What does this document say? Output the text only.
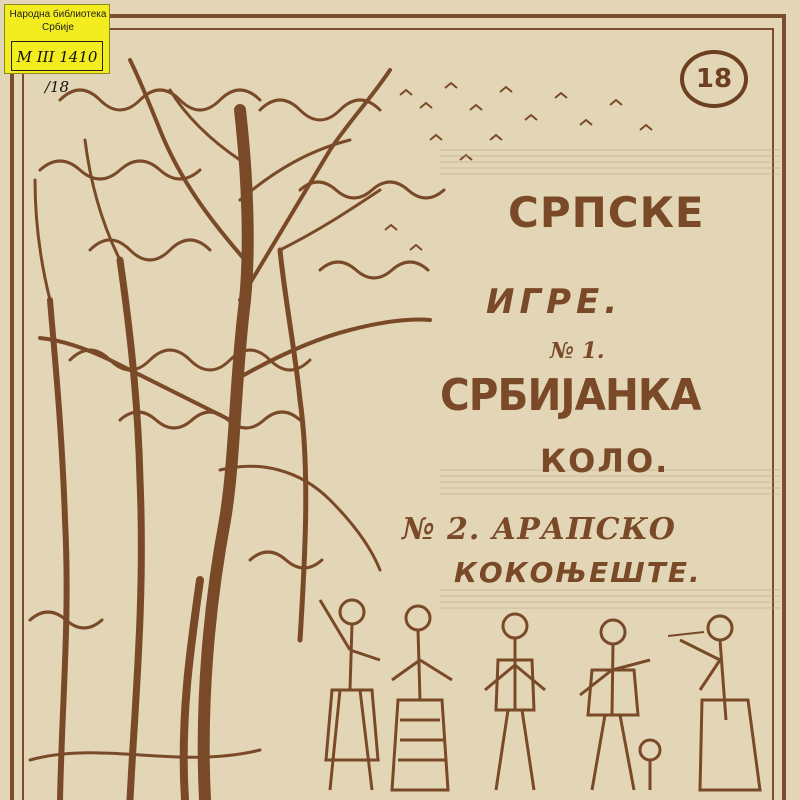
Народна библиотека
Србије
M III 1410 /18	18
СРПСКЕ
ИГРЕ.
№ 1.
СРБИЈАНКА
КОЛО.
№ 2. АРАПСКО
КОКОЊЕШТЕ.
